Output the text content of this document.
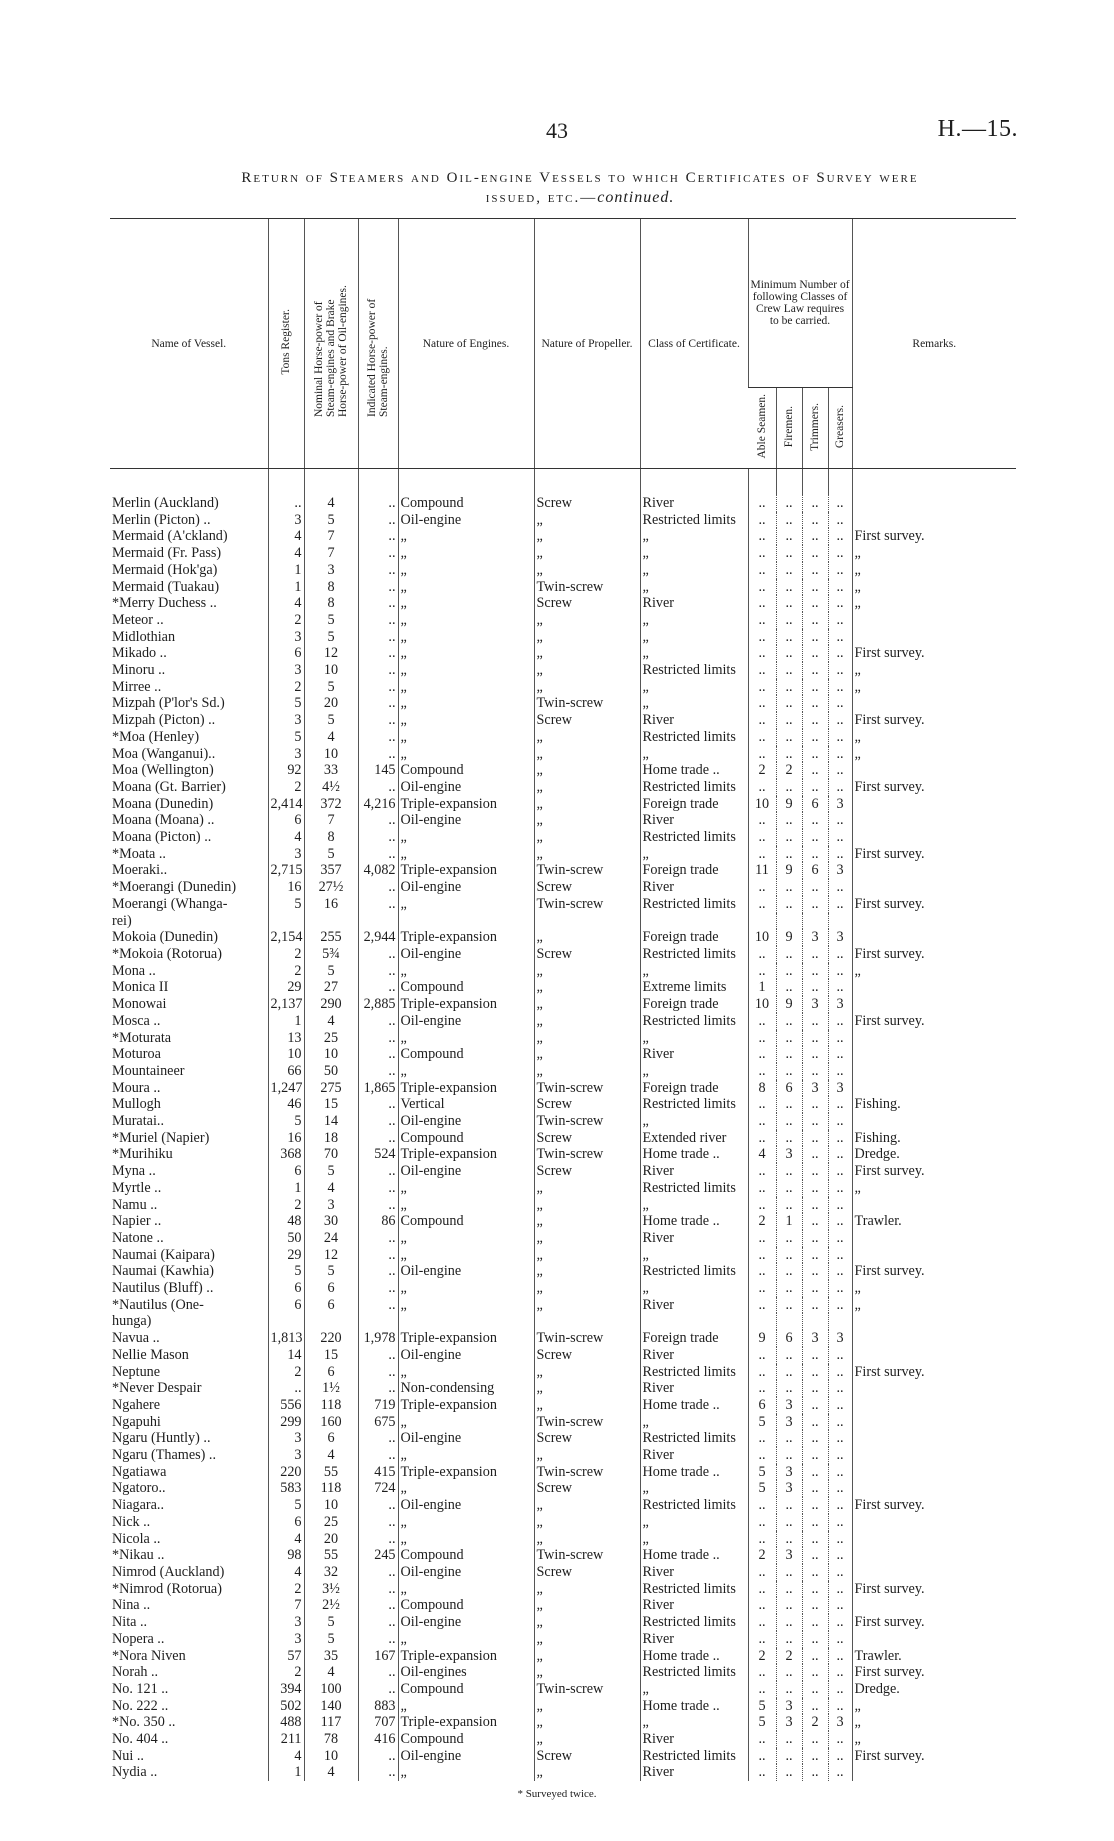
43	H.—15.
Return of Steamers and Oil-engine Vessels to which Certificates of Survey were
issued, etc.—continued.
Name of Vessel.	Tons Register.	Nominal Horse-power of Steam-engines and Brake Horse-power of Oil-engines.	Indicated Horse-power of Steam-engines.	Nature of Engines.	Nature of Propeller.	Class of Certificate.	Minimum Number of following Classes of Crew Law requires to be carried.				Remarks.
							Able Seamen.	Firemen.	Trimmers.	Greasers.	

Merlin (Auckland)	..	4	..	Compound	Screw	River	..	..	..	..	
Merlin (Picton) ..	3	5	..	Oil-engine	„	Restricted limits	..	..	..	..	
Mermaid (A'ckland)	4	7	..	„	„	„	..	..	..	..	First survey.
Mermaid (Fr. Pass)	4	7	..	„	„	„	..	..	..	..	„
Mermaid (Hok'ga)	1	3	..	„	„	„	..	..	..	..	„
Mermaid (Tuakau)	1	8	..	„	Twin-screw	„	..	..	..	..	„
*Merry Duchess ..	4	8	..	„	Screw	River	..	..	..	..	„
Meteor ..	2	5	..	„	„	„	..	..	..	..	
Midlothian	3	5	..	„	„	„	..	..	..	..	
Mikado ..	6	12	..	„	„	„	..	..	..	..	First survey.
Minoru ..	3	10	..	„	„	Restricted limits	..	..	..	..	„
Mirree ..	2	5	..	„	„	„	..	..	..	..	„
Mizpah (P'lor's Sd.)	5	20	..	„	Twin-screw	„	..	..	..	..	
Mizpah (Picton) ..	3	5	..	„	Screw	River	..	..	..	..	First survey.
*Moa (Henley)	5	4	..	„	„	Restricted limits	..	..	..	..	„
Moa (Wanganui)..	3	10	..	„	„	„	..	..	..	..	„
Moa (Wellington)	92	33	145	Compound	„	Home trade ..	2	2	..	..	
Moana (Gt. Barrier)	2	4½	..	Oil-engine	„	Restricted limits	..	..	..	..	First survey.
Moana (Dunedin)	2,414	372	4,216	Triple-expansion	„	Foreign trade	10	9	6	3	
Moana (Moana) ..	6	7	..	Oil-engine	„	River	..	..	..	..	
Moana (Picton) ..	4	8	..	„	„	Restricted limits	..	..	..	..	
*Moata ..	3	5	..	„	„	„	..	..	..	..	First survey.
Moeraki..	2,715	357	4,082	Triple-expansion	Twin-screw	Foreign trade	11	9	6	3	
*Moerangi (Dunedin)	16	27½	..	Oil-engine	Screw	River	..	..	..	..	
Moerangi (Whanga-	5	16	..	„	Twin-screw	Restricted limits	..	..	..	..	First survey.
rei)											
Mokoia (Dunedin)	2,154	255	2,944	Triple-expansion	„	Foreign trade	10	9	3	3	
*Mokoia (Rotorua)	2	5¾	..	Oil-engine	Screw	Restricted limits	..	..	..	..	First survey.
Mona ..	2	5	..	„	„	„	..	..	..	..	„
Monica II	29	27	..	Compound	„	Extreme limits	1	..	..	..	
Monowai	2,137	290	2,885	Triple-expansion	„	Foreign trade	10	9	3	3	
Mosca ..	1	4	..	Oil-engine	„	Restricted limits	..	..	..	..	First survey.
*Moturata	13	25	..	„	„	„	..	..	..	..	
Moturoa	10	10	..	Compound	„	River	..	..	..	..	
Mountaineer	66	50	..	„	„	„	..	..	..	..	
Moura ..	1,247	275	1,865	Triple-expansion	Twin-screw	Foreign trade	8	6	3	3	
Mullogh	46	15	..	Vertical	Screw	Restricted limits	..	..	..	..	Fishing.
Muratai..	5	14	..	Oil-engine	Twin-screw	„	..	..	..	..	
*Muriel (Napier)	16	18	..	Compound	Screw	Extended river	..	..	..	..	Fishing.
*Murihiku	368	70	524	Triple-expansion	Twin-screw	Home trade ..	4	3	..	..	Dredge.
Myna ..	6	5	..	Oil-engine	Screw	River	..	..	..	..	First survey.
Myrtle ..	1	4	..	„	„	Restricted limits	..	..	..	..	„
Namu ..	2	3	..	„	„	„	..	..	..	..	
Napier ..	48	30	86	Compound	„	Home trade ..	2	1	..	..	Trawler.
Natone ..	50	24	..	„	„	River	..	..	..	..	
Naumai (Kaipara)	29	12	..	„	„	„	..	..	..	..	
Naumai (Kawhia)	5	5	..	Oil-engine	„	Restricted limits	..	..	..	..	First survey.
Nautilus (Bluff) ..	6	6	..	„	„	„	..	..	..	..	„
*Nautilus (One-	6	6	..	„	„	River	..	..	..	..	„
hunga)											
Navua ..	1,813	220	1,978	Triple-expansion	Twin-screw	Foreign trade	9	6	3	3	
Nellie Mason	14	15	..	Oil-engine	Screw	River	..	..	..	..	
Neptune	2	6	..	„	„	Restricted limits	..	..	..	..	First survey.
*Never Despair	..	1½	..	Non-condensing	„	River	..	..	..	..	
Ngahere	556	118	719	Triple-expansion	„	Home trade ..	6	3	..	..	
Ngapuhi	299	160	675	„	Twin-screw	„	5	3	..	..	
Ngaru (Huntly) ..	3	6	..	Oil-engine	Screw	Restricted limits	..	..	..	..	
Ngaru (Thames) ..	3	4	..	„	„	River	..	..	..	..	
Ngatiawa	220	55	415	Triple-expansion	Twin-screw	Home trade ..	5	3	..	..	
Ngatoro..	583	118	724	„	Screw	„	5	3	..	..	
Niagara..	5	10	..	Oil-engine	„	Restricted limits	..	..	..	..	First survey.
Nick ..	6	25	..	„	„	„	..	..	..	..	
Nicola ..	4	20	..	„	„	„	..	..	..	..	
*Nikau ..	98	55	245	Compound	Twin-screw	Home trade ..	2	3	..	..	
Nimrod (Auckland)	4	32	..	Oil-engine	Screw	River	..	..	..	..	
*Nimrod (Rotorua)	2	3½	..	„	„	Restricted limits	..	..	..	..	First survey.
Nina ..	7	2½	..	Compound	„	River	..	..	..	..	
Nita ..	3	5	..	Oil-engine	„	Restricted limits	..	..	..	..	First survey.
Nopera ..	3	5	..	„	„	River	..	..	..	..	
*Nora Niven	57	35	167	Triple-expansion	„	Home trade ..	2	2	..	..	Trawler.
Norah ..	2	4	..	Oil-engines	„	Restricted limits	..	..	..	..	First survey.
No. 121 ..	394	100	..	Compound	Twin-screw	„	..	..	..	..	Dredge.
No. 222 ..	502	140	883	„	„	Home trade ..	5	3	..	..	„
*No. 350 ..	488	117	707	Triple-expansion	„	„	5	3	2	3	„
No. 404 ..	211	78	416	Compound	„	River	..	..	..	..	„
Nui ..	4	10	..	Oil-engine	Screw	Restricted limits	..	..	..	..	First survey.
Nydia ..	1	4	..	„	„	River	..	..	..	..	
* Surveyed twice.
